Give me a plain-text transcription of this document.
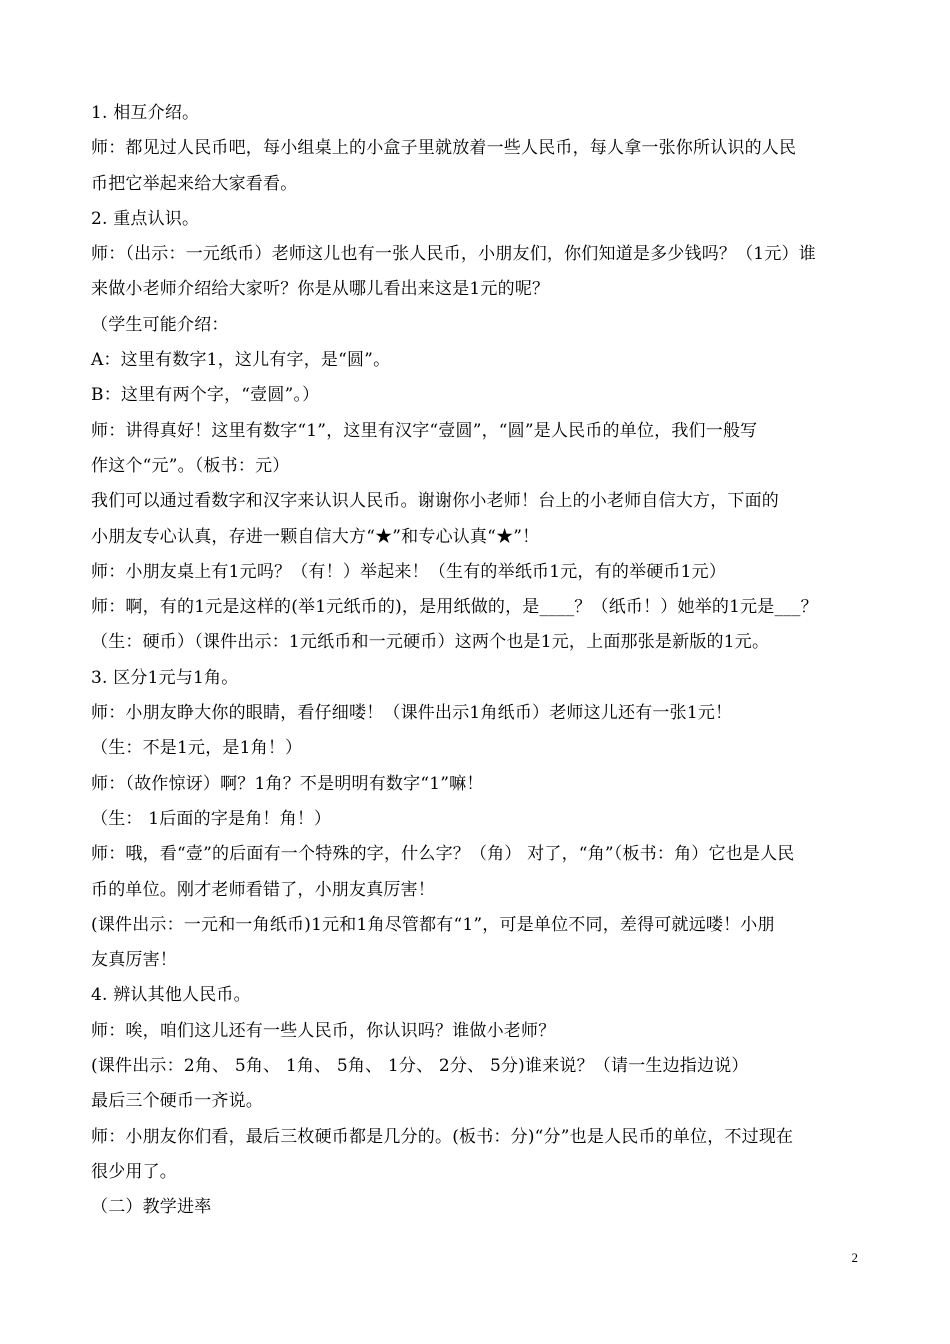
1. 相互介绍。
师：都见过人民币吧，每小组桌上的小盒子里就放着一些人民币，每人拿一张你所认识的人民
币把它举起来给大家看看。
2. 重点认识。
师：（出示：一元纸币）老师这儿也有一张人民币，小朋友们，你们知道是多少钱吗？（1元）谁
来做小老师介绍给大家听？你是从哪儿看出来这是1元的呢？
（学生可能介绍：
A：这里有数字1，这儿有字，是“圆”。
B：这里有两个字，“壹圆”。）
师：讲得真好！这里有数字“1”，这里有汉字“壹圆”，“圆”是人民币的单位，我们一般写
作这个“元”。（板书：元）
我们可以通过看数字和汉字来认识人民币。谢谢你小老师！台上的小老师自信大方，下面的
小朋友专心认真，存进一颗自信大方“★”和专心认真“★”！
师：小朋友桌上有1元吗？（有！）举起来！（生有的举纸币1元，有的举硬币1元）
师：啊，有的1元是这样的(举1元纸币的)，是用纸做的，是____？（纸币！）她举的1元是___？
（生：硬币）（课件出示：1元纸币和一元硬币）这两个也是1元，上面那张是新版的1元。
3. 区分1元与1角。
师：小朋友睁大你的眼睛，看仔细喽！（课件出示1角纸币）老师这儿还有一张1元！
（生：不是1元，是1角！）
师：（故作惊讶）啊？1角？不是明明有数字“1”嘛！
（生： 1后面的字是角！角！）
师：哦，看“壹”的后面有一个特殊的字，什么字？（角） 对了，“角”（板书：角）它也是人民
币的单位。刚才老师看错了，小朋友真厉害！
(课件出示：一元和一角纸币)1元和1角尽管都有“1”，可是单位不同，差得可就远喽！小朋
友真厉害！
4. 辨认其他人民币。
师：唉，咱们这儿还有一些人民币，你认识吗？谁做小老师？
(课件出示：2角、 5角、 1角、 5角、 1分、 2分、 5分)谁来说？（请一生边指边说）
最后三个硬币一齐说。
师：小朋友你们看，最后三枚硬币都是几分的。(板书：分)“分”也是人民币的单位，不过现在
很少用了。
（二）教学进率
2
